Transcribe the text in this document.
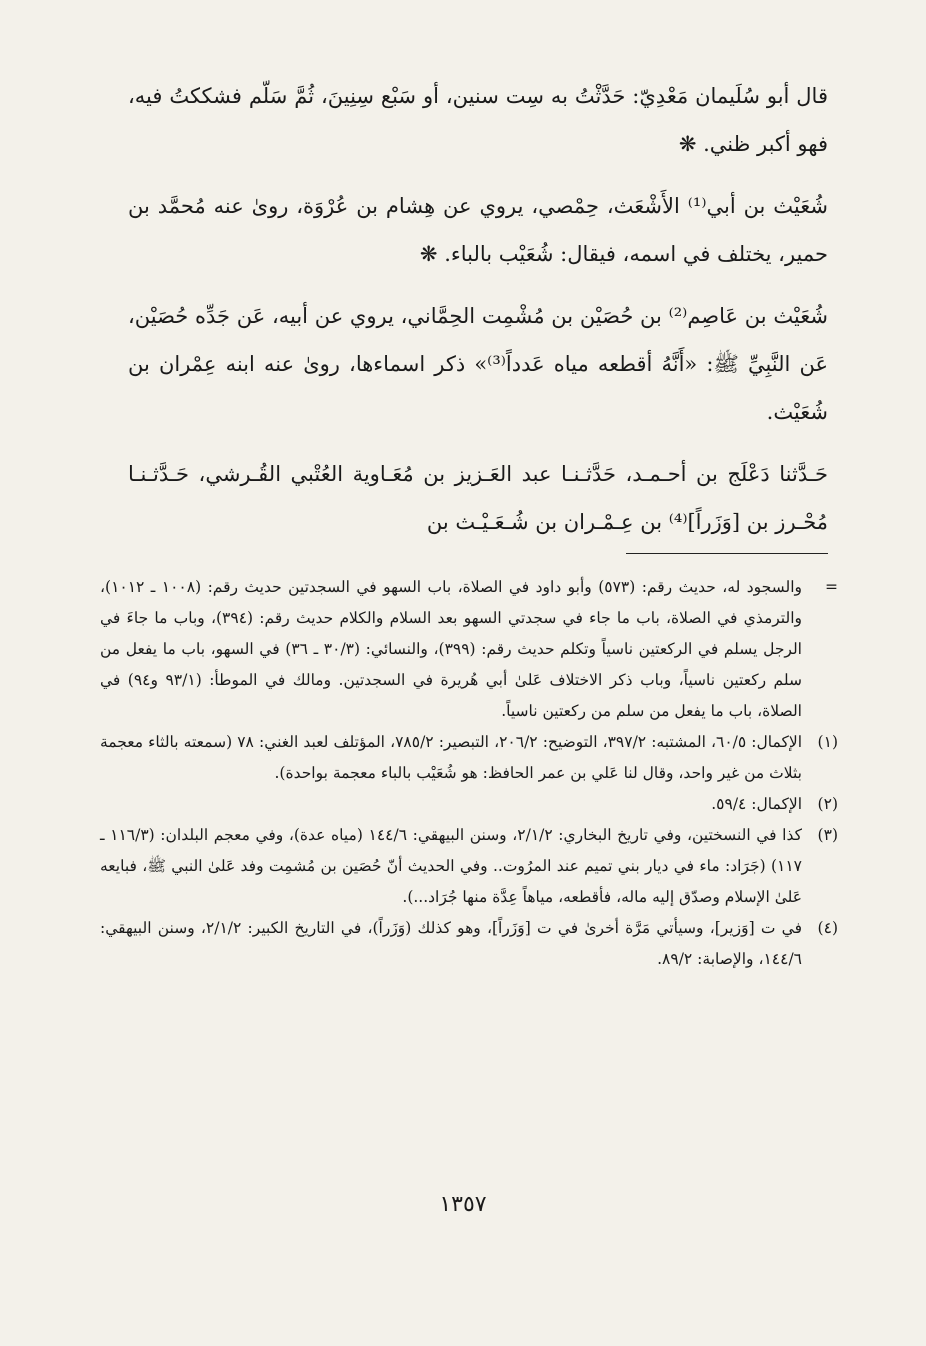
قال أبو سُلَيمان مَعْدِيّ: حَدَّثْتُ به سِت سنين، أو سَبْع سِنِينَ، ثُمَّ سَلّم فشككتُ فيه، فهو أكبر ظني. ❋

شُعَيْث بن أبي⁽¹⁾ الأَشْعَث، حِمْصي، يروي عن هِشام بن عُرْوَة، روىٰ عنه مُحمَّد بن حمير، يختلف في اسمه، فيقال: شُعَيْب بالباء. ❋

شُعَيْث بن عَاصِم⁽²⁾ بن حُصَيْن بن مُشْمِت الحِمَّاني، يروي عن أبيه، عَن جَدِّه حُصَيْن، عَن النَّبِيِّ ﷺ: «أَنَّهُ أقطعه مياه عَدداً⁽³⁾» ذكر اسماءها، روىٰ عنه ابنه عِمْران بن شُعَيْث.

حَـدَّثنا دَعْلَج بن أحـمـد، حَدَّثـنـا عبد العَـزيز بن مُعَـاوية العُتْبي القُـرشي، حَـدَّثـنـا مُحْـرز بن [وَزَراً]⁽⁴⁾ بن عِـمْـران بن شُـعَـيْـث بن

=
والسجود له، حديث رقم: (٥٧٣) وأبو داود في الصلاة، باب السهو في السجدتين حديث رقم: (١٠٠٨ ـ ١٠١٢)، والترمذي في الصلاة، باب ما جاء في سجدتي السهو بعد السلام والكلام حديث رقم: (٣٩٤)، وباب ما جاءَ في الرجل يسلم في الركعتين ناسياً وتكلم حديث رقم: (٣٩٩)، والنسائي: (٣٠/٣ ـ ٣٦) في السهو، باب ما يفعل من سلم ركعتين ناسياً، وباب ذكر الاختلاف عَلىٰ أبي هُريرة في السجدتين. ومالك في الموطأ: (٩٣/١ و٩٤) في الصلاة، باب ما يفعل من سلم من ركعتين ناسياً.
(١)
الإكمال: ٦٠/٥، المشتبه: ٣٩٧/٢، التوضيح: ٢٠٦/٢، التبصير: ٧٨٥/٢، المؤتلف لعبد الغني: ٧٨ (سمعته بالثاء معجمة بثلاث من غير واحد، وقال لنا عَلي بن عمر الحافظ: هو شُعَيْب بالباء معجمة بواحدة).
(٢)
الإكمال: ٥٩/٤.
(٣)
كذا في النسختين، وفي تاريخ البخاري: ٢/١/٢، وسنن البيهقي: ١٤٤/٦ (مياه عدة)، وفي معجم البلدان: (١١٦/٣ ـ ١١٧) (جَرَاد: ماء في ديار بني تميم عند المرُوت.. وفي الحديث أنّ حُصَين بن مُشمِت وفد عَلىٰ النبي ﷺ، فبايعه عَلىٰ الإسلام وصدّق إليه ماله، فأقطعه، مياهاً عِدَّة منها جُرَاد...).
(٤)
في ت [وَزير]، وسيأتي مَرَّة أخرىٰ في ت [وَزَراً]، وهو كذلك (وَزَراً)، في التاريخ الكبير: ٢/١/٢، وسنن البيهقي: ١٤٤/٦، والإصابة: ٨٩/٢.
١٣٥٧
